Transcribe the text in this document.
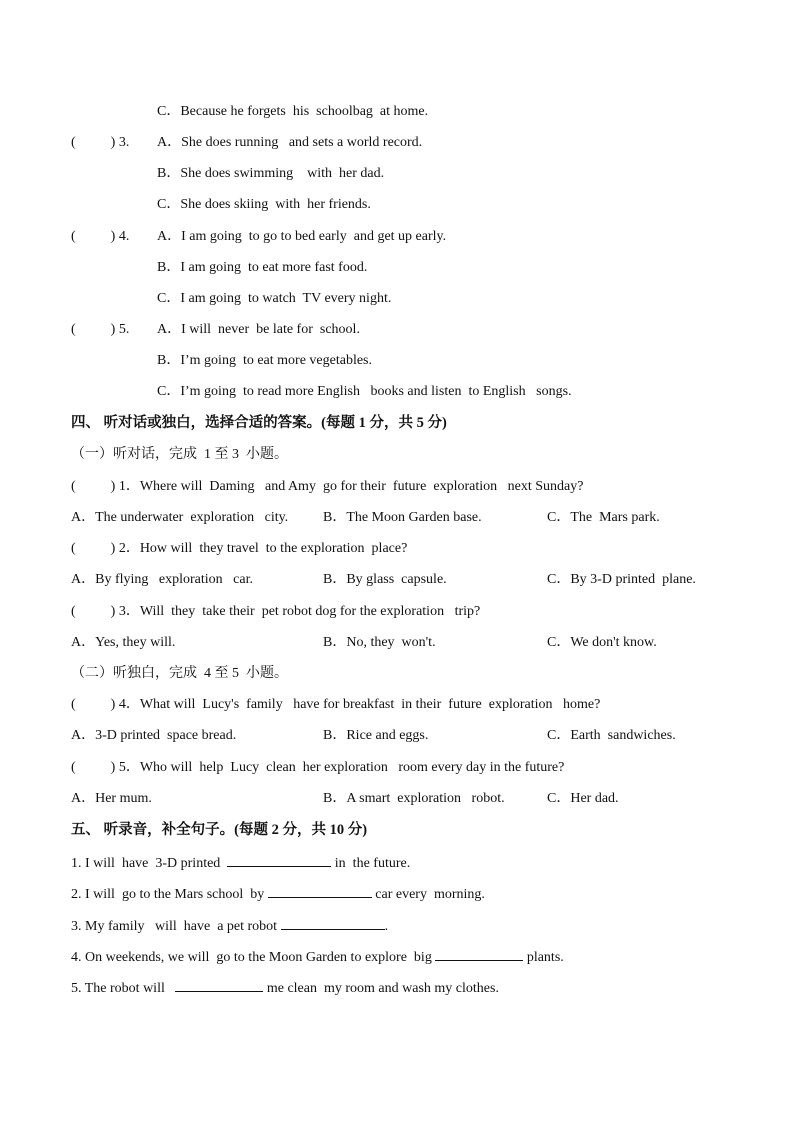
C．Because he forgets  his  schoolbag  at home.
(          ) 3. A．She does running   and sets a world record.
B．She does swimming    with  her dad.
C．She does skiing  with  her friends.
(          ) 4. A．I am going  to go to bed early  and get up early.
B．I am going  to eat more fast food.
C．I am going  to watch  TV every night.
(          ) 5. A．I will  never  be late for  school.
B．I’m going  to eat more vegetables.
C．I’m going  to read more English   books and listen  to English   songs.
四、 听对话或独白，选择合适的答案。(每题 1 分，共 5 分)
（一）听对话，完成  1 至 3  小题。
(          ) 1．Where will  Daming   and Amy  go for their  future  exploration   next Sunday?
A．The underwater  exploration   city. B．The Moon Garden base.	C．The  Mars park.
(          ) 2．How will  they travel  to the exploration  place?
A．By flying   exploration   car.	B．By glass  capsule.	C．By 3-D printed  plane.
(          ) 3．Will  they  take their  pet robot dog for the exploration   trip?
A．Yes, they will.	B．No, they  won't.	C．We don't know.
（二）听独白，完成  4 至 5  小题。
(          ) 4．What will  Lucy's  family   have for breakfast  in their  future  exploration   home?
A．3-D printed  space bread.	B．Rice and eggs.	C．Earth  sandwiches.
(          ) 5．Who will  help  Lucy  clean  her exploration   room every day in the future?
A．Her mum.	B．A smart  exploration   robot.	C．Her dad.
五、 听录音，补全句子。(每题 2 分，共 10 分)
1. I will  have  3-D printed	in  the future.
2. I will  go to the Mars school  by	car every  morning.
3. My family   will  have  a pet robot	.
4. On weekends, we will  go to the Moon Garden to explore  big	plants.
5. The robot will	me clean  my room and wash my clothes.
